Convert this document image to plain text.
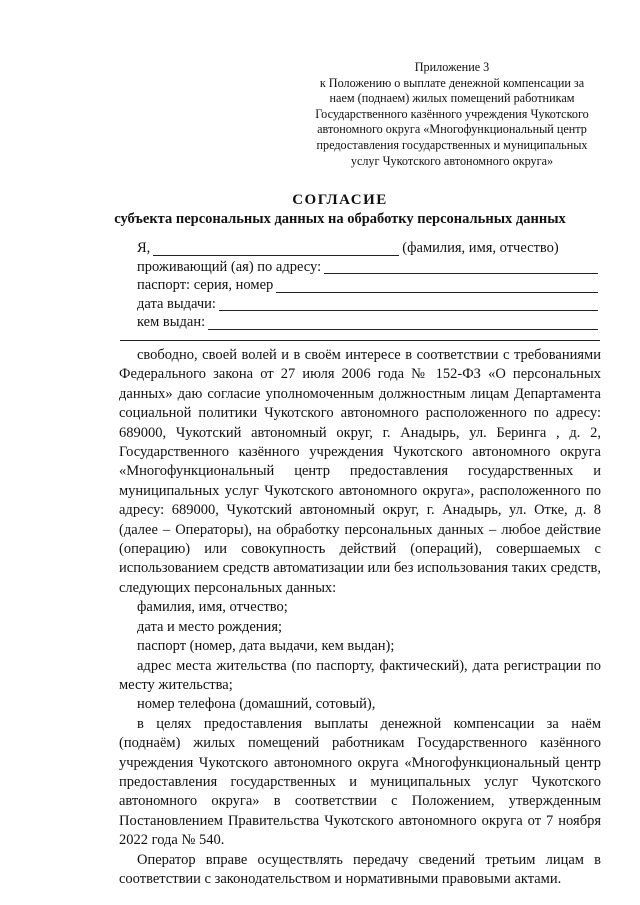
Приложение 3
к Положению о выплате денежной компенсации за
наем (поднаем) жилых помещений работникам
Государственного казённого учреждения Чукотского
автономного округа «Многофункциональный центр
предоставления государственных и муниципальных
услуг Чукотского автономного округа»
СОГЛАСИЕ
субъекта персональных данных на обработку персональных данных
Я,	(фамилия, имя, отчество)
проживающий (ая) по адресу:
паспорт: серия, номер
дата выдачи:
кем выдан:

свободно, своей волей и в своём интересе в соответствии с требованиями Федерального закона от 27 июля 2006 года № 152-ФЗ «О персональных данных» даю согласие уполномоченным должностным лицам Департамента социальной политики Чукотского автономного расположенного по адресу: 689000, Чукотский автономный округ, г. Анадырь, ул. Беринга , д. 2, Государственного казённого учреждения Чукотского автономного округа «Многофункциональный центр предоставления государственных и муниципальных услуг Чукотского автономного округа», расположенного по адресу: 689000, Чукотский автономный округ, г. Анадырь, ул. Отке, д. 8 (далее – Операторы), на обработку персональных данных – любое действие (операцию) или совокупность действий (операций), совершаемых с использованием средств автоматизации или без использования таких средств, следующих персональных данных:

фамилия, имя, отчество;

дата и место рождения;

паспорт (номер, дата выдачи, кем выдан);

адрес места жительства (по паспорту, фактический), дата регистрации по месту жительства;

номер телефона (домашний, сотовый),

в целях предоставления выплаты денежной компенсации за наём (поднаём) жилых помещений работникам Государственного казённого учреждения Чукотского автономного округа «Многофункциональный центр предоставления государственных и муниципальных услуг Чукотского автономного округа» в соответствии с Положением, утвержденным Постановлением Правительства Чукотского автономного округа от 7 ноября 2022 года № 540.

Оператор вправе осуществлять передачу сведений третьим лицам в соответствии с законодательством и нормативными правовыми актами.
